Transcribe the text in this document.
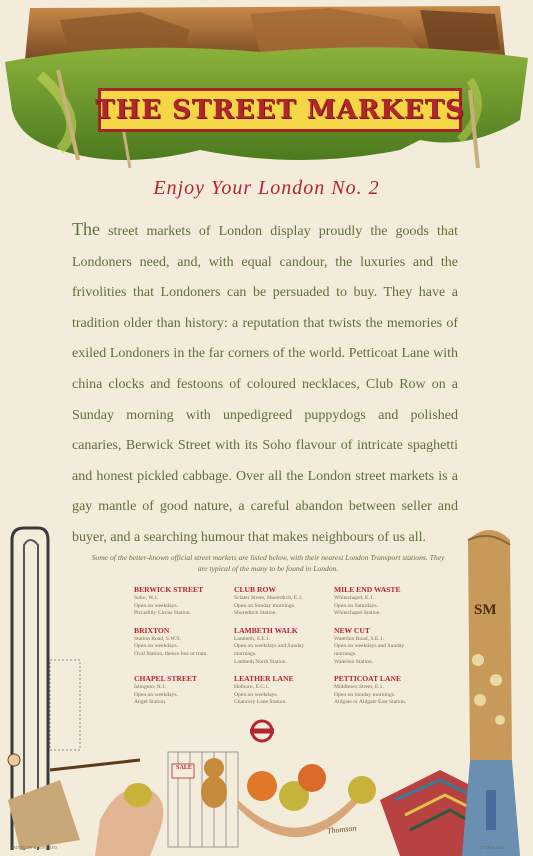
THE STREET MARKETS
Enjoy Your London No. 2
The street markets of London display proudly the goods that Londoners need, and, with equal candour, the luxuries and the frivolities that Londoners can be persuaded to buy. They have a tradition older than history: a reputation that twists the memories of exiled Londoners in the far corners of the world. Petticoat Lane with china clocks and festoons of coloured necklaces, Club Row on a Sunday morning with unpedigreed puppydogs and polished canaries, Berwick Street with its Soho flavour of intricate spaghetti and honest pickled cabbage. Over all the London street markets is a gay mantle of good nature, a careful abandon between seller and buyer, and a searching humour that makes neighbours of us all.
SALE
SM
Some of the better-known official street markets are listed below, with their nearest London Transport stations. They are typical of the many to be found in London.
BERWICK STREET
Soho, W.1.
Open on weekdays.
Piccadilly Circus Station.
CLUB ROW
Sclater Street, Shoreditch, E.1.
Open on Sunday mornings.
Shoreditch Station.
MILE END WASTE
Whitechapel, E.1.
Open on Saturdays.
Whitechapel Station.
BRIXTON
Station Road, S.W.9.
Open on weekdays.
Oval Station, thence bus or tram.
LAMBETH WALK
Lambeth, S.E.1.
Open on weekdays and Sunday
mornings.
Lambeth North Station.
NEW CUT
Waterloo Road, S.E.1.
Open on weekdays and Sunday
mornings.
Waterloo Station.
CHAPEL STREET
Islington, N.1.
Open on weekdays.
Angel Station.
LEATHER LANE
Holborn, E.C.1.
Open on weekdays.
Chancery Lane Station.
PETTICOAT LANE
Middlesex Street, E.1.
Open on Sunday mornings.
Aldgate or Aldgate East Station.
Thomson
WATERLOW & SONS LTD	LT 3010/1935
